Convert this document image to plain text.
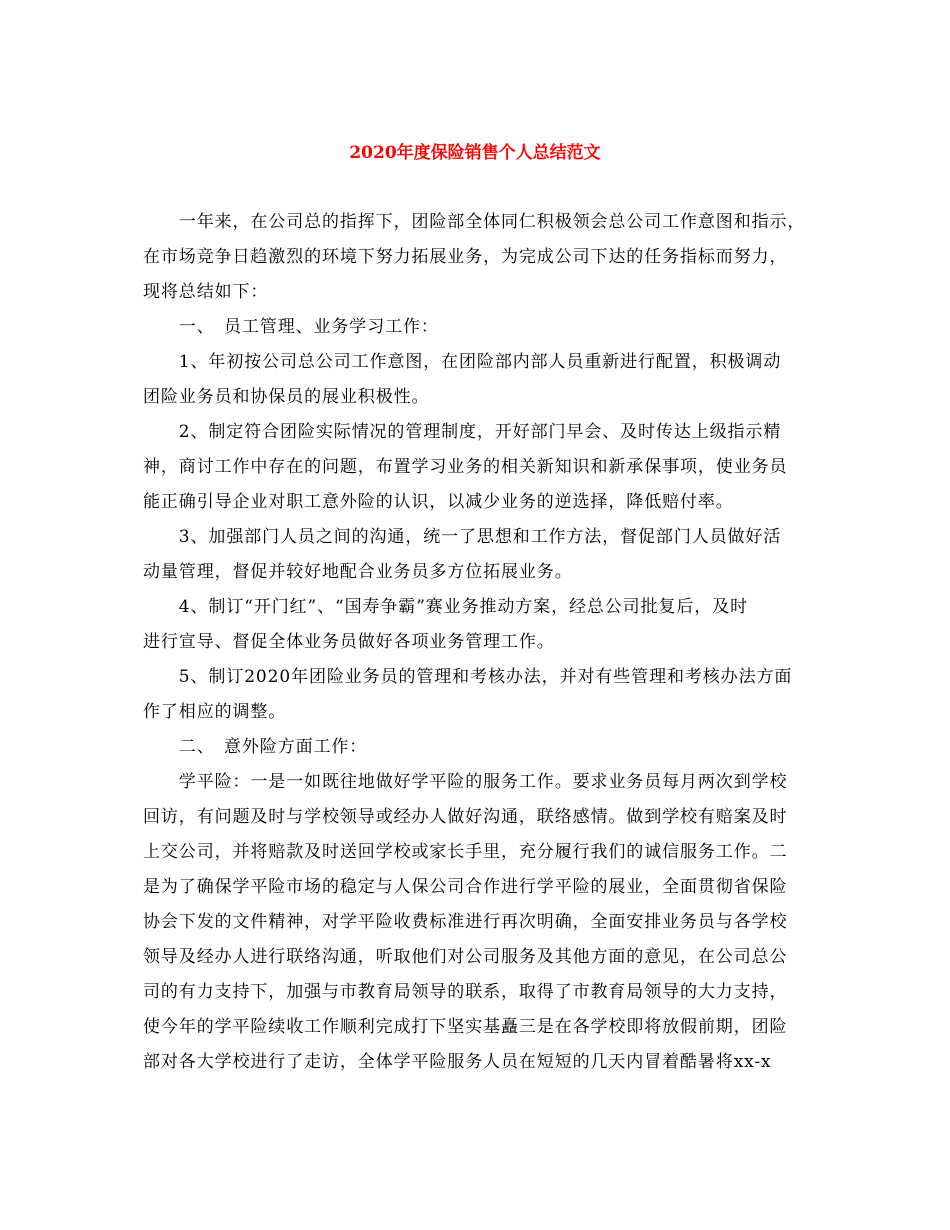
2020年度保险销售个人总结范文
　　一年来，在公司总的指挥下，团险部全体同仁积极领会总公司工作意图和指示，
在市场竞争日趋激烈的环境下努力拓展业务，为完成公司下达的任务指标而努力，
现将总结如下：
　　一、　员工管理、业务学习工作：
　　1、年初按公司总公司工作意图，在团险部内部人员重新进行配置，积极调动
团险业务员和协保员的展业积极性。
　　2、制定符合团险实际情况的管理制度，开好部门早会、及时传达上级指示精
神，商讨工作中存在的问题，布置学习业务的相关新知识和新承保事项，使业务员
能正确引导企业对职工意外险的认识，以减少业务的逆选择，降低赔付率。
　　3、加强部门人员之间的沟通，统一了思想和工作方法，督促部门人员做好活
动量管理，督促并较好地配合业务员多方位拓展业务。
　　4、制订“开门红”、“国寿争霸”赛业务推动方案，经总公司批复后，及时
进行宣导、督促全体业务员做好各项业务管理工作。
　　5、制订2020年团险业务员的管理和考核办法，并对有些管理和考核办法方面
作了相应的调整。
　　二、　意外险方面工作：
　　学平险：一是一如既往地做好学平险的服务工作。要求业务员每月两次到学校
回访，有问题及时与学校领导或经办人做好沟通，联络感情。做到学校有赔案及时
上交公司，并将赔款及时送回学校或家长手里，充分履行我们的诚信服务工作。二
是为了确保学平险市场的稳定与人保公司合作进行学平险的展业，全面贯彻省保险
协会下发的文件精神，对学平险收费标准进行再次明确，全面安排业务员与各学校
领导及经办人进行联络沟通，听取他们对公司服务及其他方面的意见，在公司总公
司的有力支持下，加强与市教育局领导的联系，取得了市教育局领导的大力支持，
使今年的学平险续收工作顺利完成打下坚实基矗三是在各学校即将放假前期，团险
部对各大学校进行了走访，全体学平险服务人员在短短的几天内冒着酷暑将xx-x
